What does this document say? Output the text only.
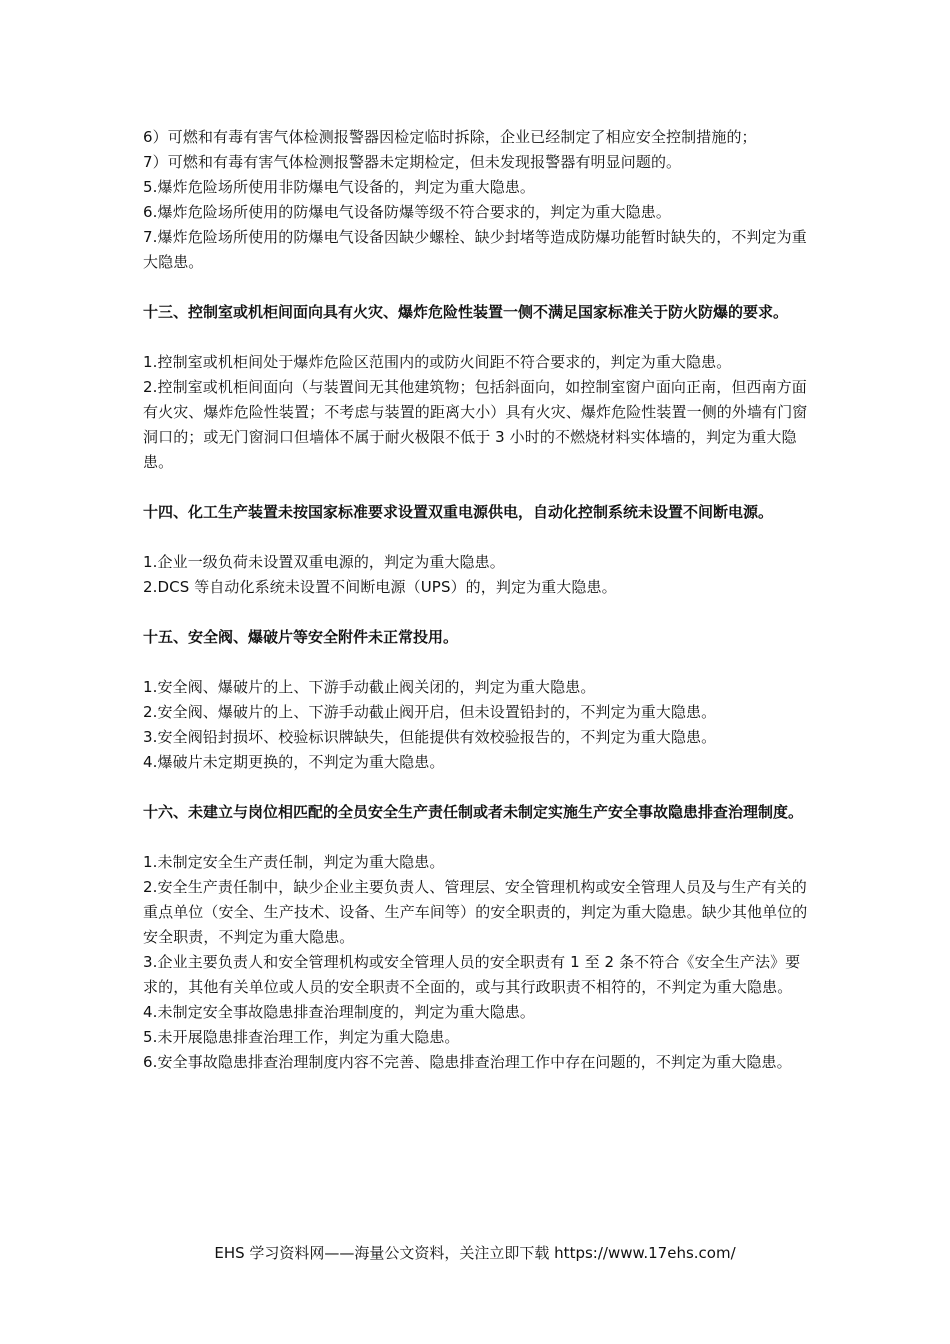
6）可燃和有毒有害气体检测报警器因检定临时拆除，企业已经制定了相应安全控制措施的；

7）可燃和有毒有害气体检测报警器未定期检定，但未发现报警器有明显问题的。

5.爆炸危险场所使用非防爆电气设备的，判定为重大隐患。

6.爆炸危险场所使用的防爆电气设备防爆等级不符合要求的，判定为重大隐患。

7.爆炸危险场所使用的防爆电气设备因缺少螺栓、缺少封堵等造成防爆功能暂时缺失的，不判定为重大隐患。

十三、控制室或机柜间面向具有火灾、爆炸危险性装置一侧不满足国家标准关于防火防爆的要求。

1.控制室或机柜间处于爆炸危险区范围内的或防火间距不符合要求的，判定为重大隐患。

2.控制室或机柜间面向（与装置间无其他建筑物；包括斜面向，如控制室窗户面向正南，但西南方面有火灾、爆炸危险性装置；不考虑与装置的距离大小）具有火灾、爆炸危险性装置一侧的外墙有门窗洞口的；或无门窗洞口但墙体不属于耐火极限不低于 3 小时的不燃烧材料实体墙的，判定为重大隐患。

十四、化工生产装置未按国家标准要求设置双重电源供电，自动化控制系统未设置不间断电源。

1.企业一级负荷未设置双重电源的，判定为重大隐患。

2.DCS 等自动化系统未设置不间断电源（UPS）的，判定为重大隐患。

十五、安全阀、爆破片等安全附件未正常投用。

1.安全阀、爆破片的上、下游手动截止阀关闭的，判定为重大隐患。

2.安全阀、爆破片的上、下游手动截止阀开启，但未设置铅封的，不判定为重大隐患。

3.安全阀铅封损坏、校验标识牌缺失，但能提供有效校验报告的，不判定为重大隐患。

4.爆破片未定期更换的，不判定为重大隐患。

十六、未建立与岗位相匹配的全员安全生产责任制或者未制定实施生产安全事故隐患排查治理制度。

1.未制定安全生产责任制，判定为重大隐患。

2.安全生产责任制中，缺少企业主要负责人、管理层、安全管理机构或安全管理人员及与生产有关的重点单位（安全、生产技术、设备、生产车间等）的安全职责的，判定为重大隐患。缺少其他单位的安全职责，不判定为重大隐患。

3.企业主要负责人和安全管理机构或安全管理人员的安全职责有 1 至 2 条不符合《安全生产法》要求的，其他有关单位或人员的安全职责不全面的，或与其行政职责不相符的，不判定为重大隐患。

4.未制定安全事故隐患排查治理制度的，判定为重大隐患。

5.未开展隐患排查治理工作，判定为重大隐患。

6.安全事故隐患排查治理制度内容不完善、隐患排查治理工作中存在问题的，不判定为重大隐患。

EHS 学习资料网——海量公文资料，关注立即下载 https://www.17ehs.com/
